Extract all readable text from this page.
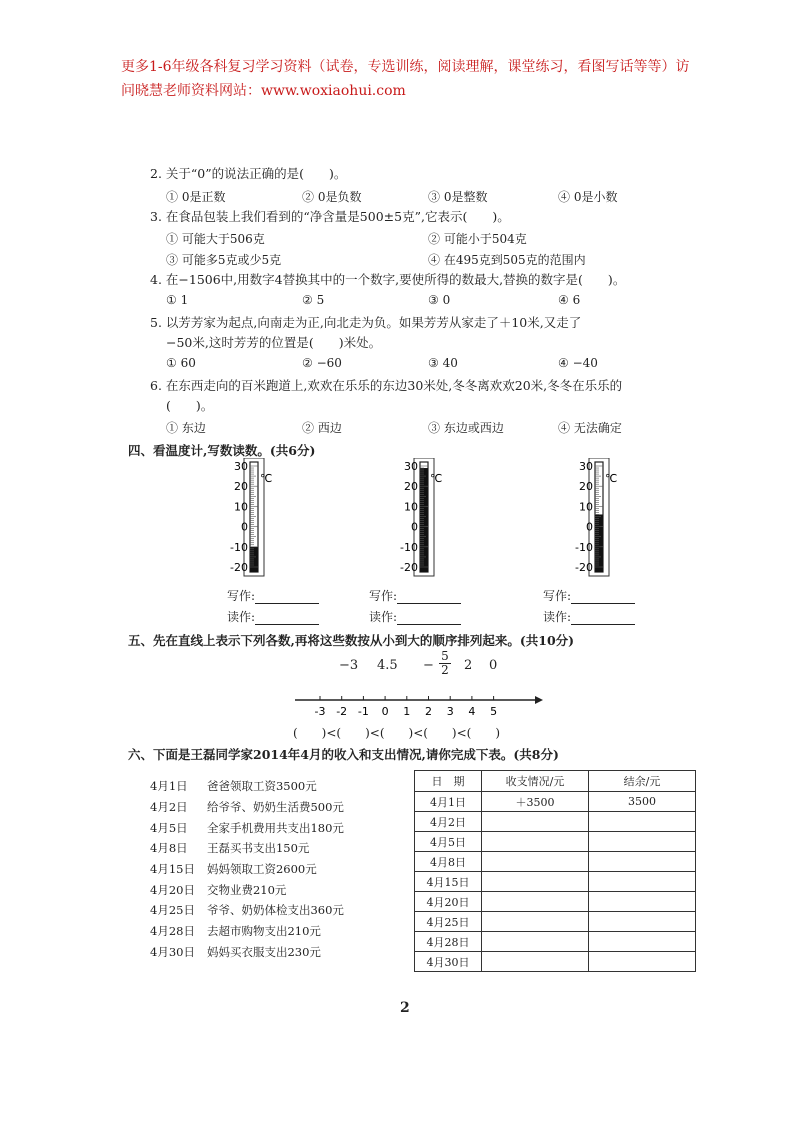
更多1-6年级各科复习学习资料（试卷，专选训练，阅读理解，课堂练习，看图写话等等）访问晓慧老师资料网站：www.woxiaohui.com
2. 关于“0”的说法正确的是(　　)。
① 0是正数	② 0是负数	③ 0是整数	④ 0是小数
3. 在食品包装上我们看到的“净含量是500±5克”,它表示(　　)。
① 可能大于506克	② 可能小于504克
③ 可能多5克或少5克	④ 在495克到505克的范围内
4. 在−1506中,用数字4替换其中的一个数字,要使所得的数最大,替换的数字是(　　)。
① 1	② 5	③ 0	④ 6
5. 以芳芳家为起点,向南走为正,向北走为负。如果芳芳从家走了＋10米,又走了
−50米,这时芳芳的位置是(　　)米处。
① 60	② −60	③ 40	④ −40
6. 在东西走向的百米跑道上,欢欢在乐乐的东边30米处,冬冬离欢欢20米,冬冬在乐乐的
(　　)。
① 东边	② 西边	③ 东边或西边	④ 无法确定
四、看温度计,写数读数。(共6分)
30
20
10
0
-10
-20
℃
30
20
10
0
-10
-20
℃
30
20
10
0
-10
-20
℃
写作:
读作:
写作:
读作:
写作:
读作:
五、先在直线上表示下列各数,再将这些数按从小到大的顺序排列起来。(共10分)
−3 $4.5 - \frac{5}{2} 2$ 0
-3 -2 -1 0 1 2 3 4 5
(　　)<(　　)<(　　)<(　　)<(　　)
六、下面是王磊同学家2014年4月的收入和支出情况,请你完成下表。(共8分)
4月1日	爸爸领取工资3500元
4月2日	给爷爷、奶奶生活费500元
4月5日	全家手机费用共支出180元
4月8日	王磊买书支出150元
4月15日	妈妈领取工资2600元
4月20日	交物业费210元
4月25日	爷爷、奶奶体检支出360元
4月28日	去超市购物支出210元
4月30日	妈妈买衣服支出230元
日　期	收支情况/元	结余/元
4月1日	＋3500	3500
4月2日		
4月5日		
4月8日		
4月15日		
4月20日		
4月25日		
4月28日		
4月30日		
2
